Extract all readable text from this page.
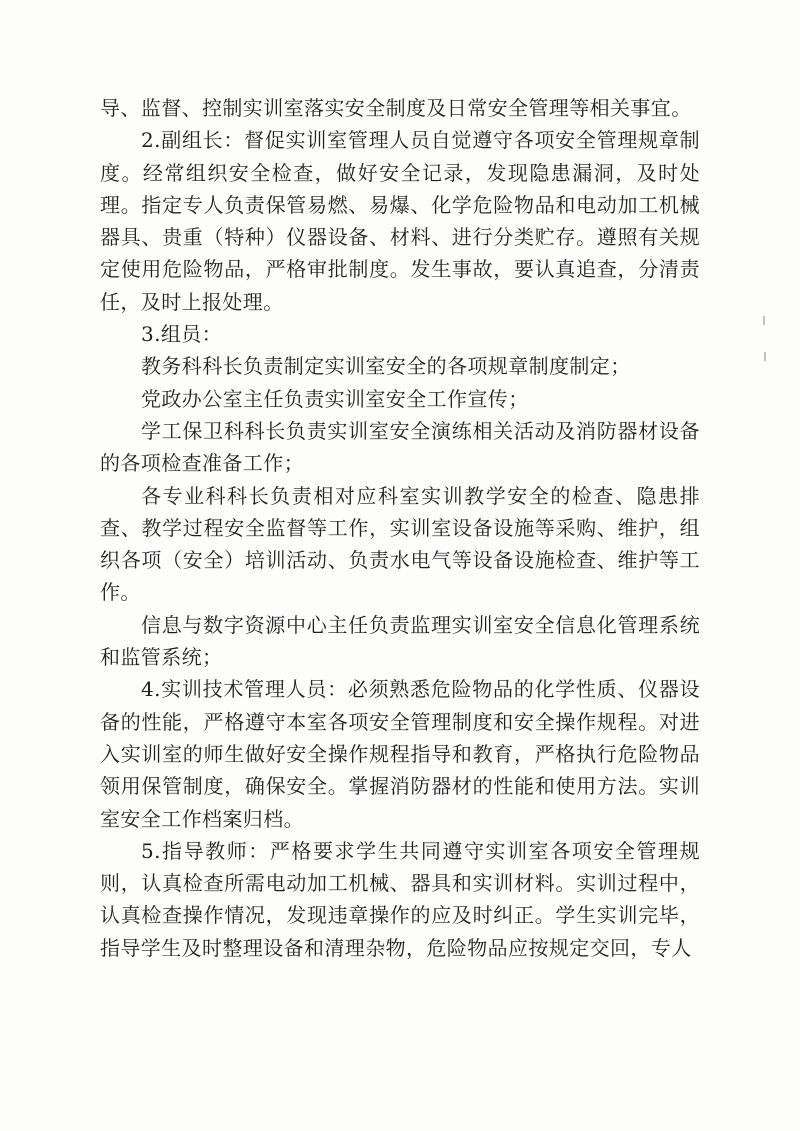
导、监督、控制实训室落实安全制度及日常安全管理等相关事宜。

2.副组长：督促实训室管理人员自觉遵守各项安全管理规章制度。经常组织安全检查，做好安全记录，发现隐患漏洞，及时处理。指定专人负责保管易燃、易爆、化学危险物品和电动加工机械器具、贵重（特种）仪器设备、材料、进行分类贮存。遵照有关规定使用危险物品，严格审批制度。发生事故，要认真追查，分清责任，及时上报处理。

3.组员：

教务科科长负责制定实训室安全的各项规章制度制定；

党政办公室主任负责实训室安全工作宣传；

学工保卫科科长负责实训室安全演练相关活动及消防器材设备的各项检查准备工作；

各专业科科长负责相对应科室实训教学安全的检查、隐患排查、教学过程安全监督等工作，实训室设备设施等采购、维护，组织各项（安全）培训活动、负责水电气等设备设施检查、维护等工作。

信息与数字资源中心主任负责监理实训室安全信息化管理系统和监管系统；

4.实训技术管理人员：必须熟悉危险物品的化学性质、仪器设备的性能，严格遵守本室各项安全管理制度和安全操作规程。对进入实训室的师生做好安全操作规程指导和教育，严格执行危险物品领用保管制度，确保安全。掌握消防器材的性能和使用方法。实训室安全工作档案归档。

5.指导教师：严格要求学生共同遵守实训室各项安全管理规则，认真检查所需电动加工机械、器具和实训材料。实训过程中，认真检查操作情况，发现违章操作的应及时纠正。学生实训完毕，指导学生及时整理设备和清理杂物，危险物品应按规定交回，专人
